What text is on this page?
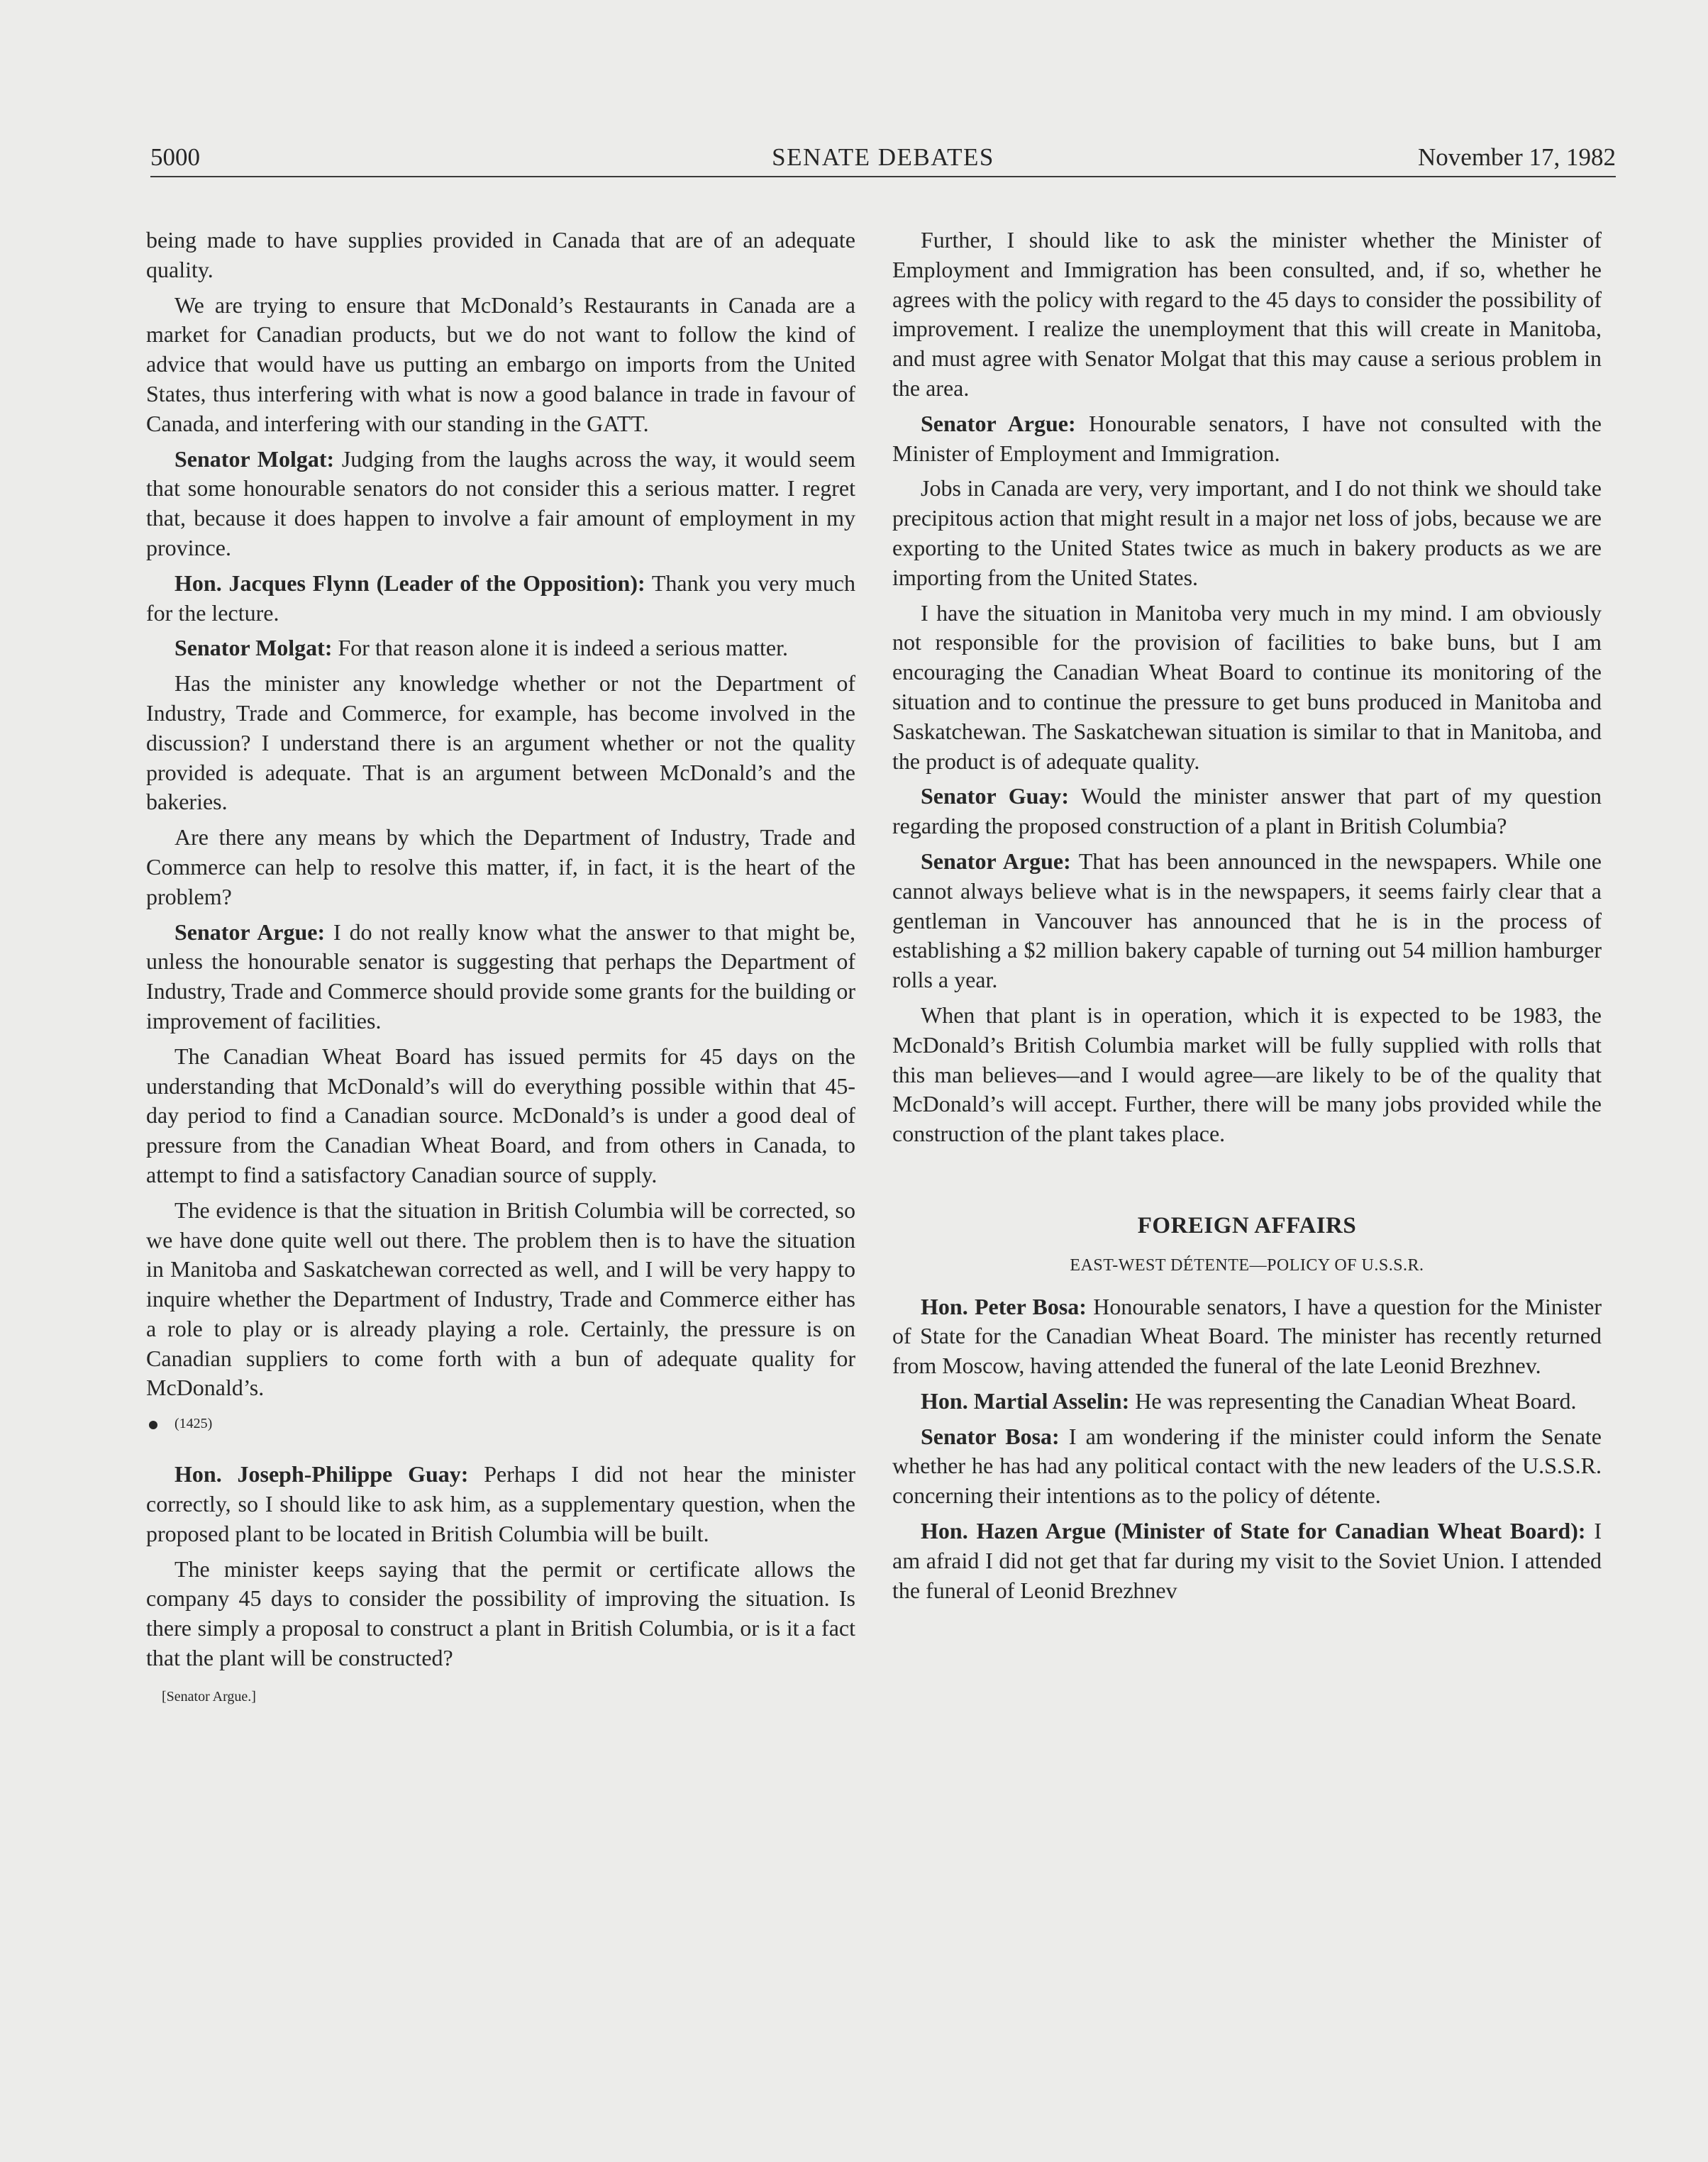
5000	SENATE DEBATES	November 17, 1982

being made to have supplies provided in Canada that are of an adequate quality.

We are trying to ensure that McDonald’s Restaurants in Canada are a market for Canadian products, but we do not want to follow the kind of advice that would have us putting an embargo on imports from the United States, thus interfering with what is now a good balance in trade in favour of Canada, and interfering with our standing in the GATT.

Senator Molgat: Judging from the laughs across the way, it would seem that some honourable senators do not consider this a serious matter. I regret that, because it does happen to involve a fair amount of employment in my province.

Hon. Jacques Flynn (Leader of the Opposition): Thank you very much for the lecture.

Senator Molgat: For that reason alone it is indeed a serious matter.

Has the minister any knowledge whether or not the Department of Industry, Trade and Commerce, for example, has become involved in the discussion? I understand there is an argument whether or not the quality provided is adequate. That is an argument between McDonald’s and the bakeries.

Are there any means by which the Department of Industry, Trade and Commerce can help to resolve this matter, if, in fact, it is the heart of the problem?

Senator Argue: I do not really know what the answer to that might be, unless the honourable senator is suggesting that perhaps the Department of Industry, Trade and Commerce should provide some grants for the building or improvement of facilities.

The Canadian Wheat Board has issued permits for 45 days on the understanding that McDonald’s will do everything possible within that 45-day period to find a Canadian source. McDonald’s is under a good deal of pressure from the Canadian Wheat Board, and from others in Canada, to attempt to find a satisfactory Canadian source of supply.

The evidence is that the situation in British Columbia will be corrected, so we have done quite well out there. The problem then is to have the situation in Manitoba and Saskatchewan corrected as well, and I will be very happy to inquire whether the Department of Industry, Trade and Commerce either has a role to play or is already playing a role. Certainly, the pressure is on Canadian suppliers to come forth with a bun of adequate quality for McDonald’s.

(1425)

Hon. Joseph-Philippe Guay: Perhaps I did not hear the minister correctly, so I should like to ask him, as a supplementary question, when the proposed plant to be located in British Columbia will be built.

The minister keeps saying that the permit or certificate allows the company 45 days to consider the possibility of improving the situation. Is there simply a proposal to construct a plant in British Columbia, or is it a fact that the plant will be constructed?

[Senator Argue.]

Further, I should like to ask the minister whether the Minister of Employment and Immigration has been consulted, and, if so, whether he agrees with the policy with regard to the 45 days to consider the possibility of improvement. I realize the unemployment that this will create in Manitoba, and must agree with Senator Molgat that this may cause a serious problem in the area.

Senator Argue: Honourable senators, I have not consulted with the Minister of Employment and Immigration.

Jobs in Canada are very, very important, and I do not think we should take precipitous action that might result in a major net loss of jobs, because we are exporting to the United States twice as much in bakery products as we are importing from the United States.

I have the situation in Manitoba very much in my mind. I am obviously not responsible for the provision of facilities to bake buns, but I am encouraging the Canadian Wheat Board to continue its monitoring of the situation and to continue the pressure to get buns produced in Manitoba and Saskatchewan. The Saskatchewan situation is similar to that in Manitoba, and the product is of adequate quality.

Senator Guay: Would the minister answer that part of my question regarding the proposed construction of a plant in British Columbia?

Senator Argue: That has been announced in the newspapers. While one cannot always believe what is in the newspapers, it seems fairly clear that a gentleman in Vancouver has announced that he is in the process of establishing a $2 million bakery capable of turning out 54 million hamburger rolls a year.

When that plant is in operation, which it is expected to be 1983, the McDonald’s British Columbia market will be fully supplied with rolls that this man believes—and I would agree—are likely to be of the quality that McDonald’s will accept. Further, there will be many jobs provided while the construction of the plant takes place.

FOREIGN AFFAIRS
EAST-WEST DÉTENTE—POLICY OF U.S.S.R.

Hon. Peter Bosa: Honourable senators, I have a question for the Minister of State for the Canadian Wheat Board. The minister has recently returned from Moscow, having attended the funeral of the late Leonid Brezhnev.

Hon. Martial Asselin: He was representing the Canadian Wheat Board.

Senator Bosa: I am wondering if the minister could inform the Senate whether he has had any political contact with the new leaders of the U.S.S.R. concerning their intentions as to the policy of détente.

Hon. Hazen Argue (Minister of State for Canadian Wheat Board): I am afraid I did not get that far during my visit to the Soviet Union. I attended the funeral of Leonid Brezhnev
